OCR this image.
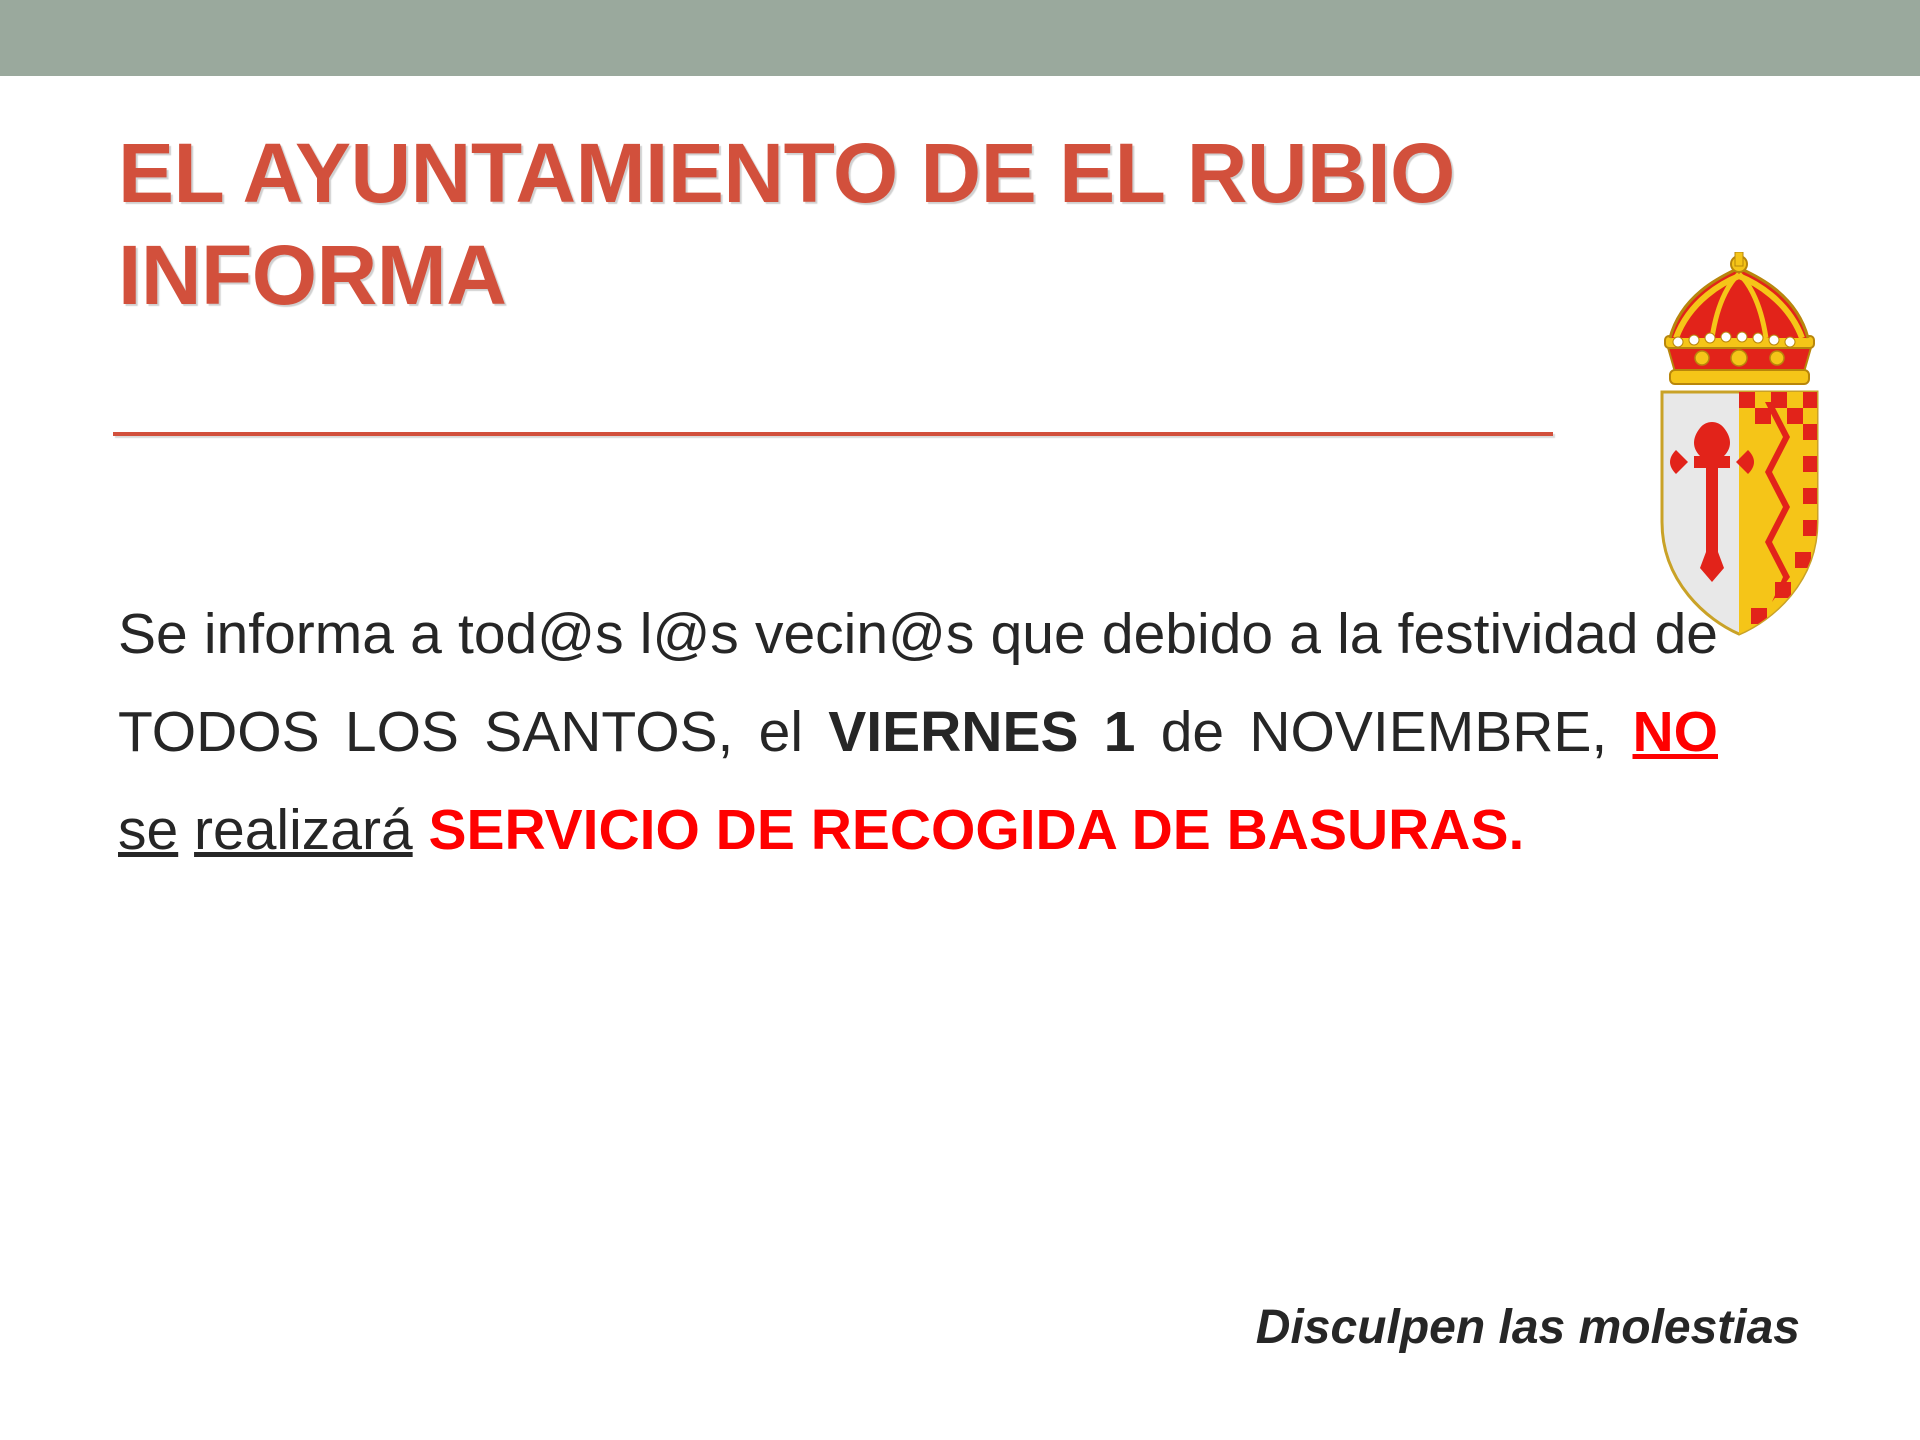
EL AYUNTAMIENTO DE EL RUBIO INFORMA

Se informa a tod@s l@s vecin@s que debido a la festividad de TODOS LOS SANTOS, el VIERNES 1 de NOVIEMBRE, NO se realizará SERVICIO DE RECOGIDA DE BASURAS.

Disculpen las molestias
